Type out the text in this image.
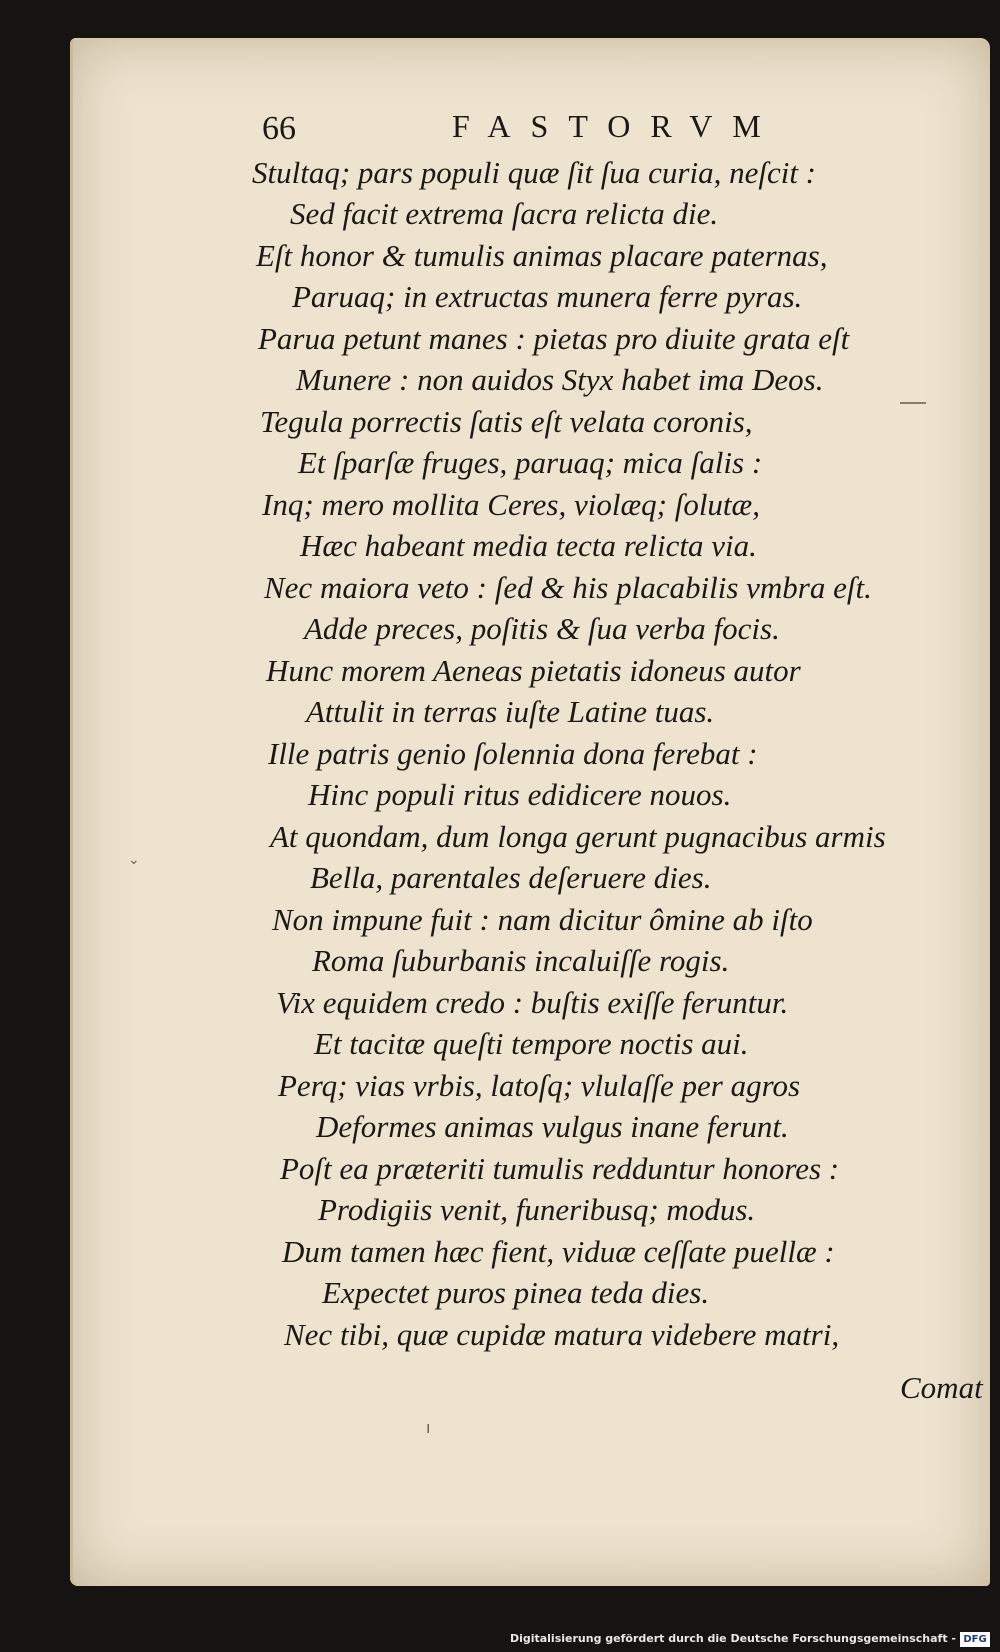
66	FASTORVM
Stultaq; pars populi quæ ſit ſua curia, neſcit :
Sed facit extrema ſacra relicta die.
Eſt honor & tumulis animas placare paternas,
Paruaq; in extructas munera ferre pyras.
Parua petunt manes : pietas pro diuite grata eſt
Munere : non auidos Styx habet ima Deos.
Tegula porrectis ſatis eſt velata coronis,
Et ſparſæ fruges, paruaq; mica ſalis :
Inq; mero mollita Ceres, violæq; ſolutæ,
Hæc habeant media tecta relicta via.
Nec maiora veto : ſed & his placabilis vmbra eſt.
Adde preces, poſitis & ſua verba focis.
Hunc morem Aeneas pietatis idoneus autor
Attulit in terras iuſte Latine tuas.
Ille patris genio ſolennia dona ferebat :
Hinc populi ritus edidicere nouos.
At quondam, dum longa gerunt pugnacibus armis
Bella, parentales deſeruere dies.
Non impune fuit : nam dicitur ômine ab iſto
Roma ſuburbanis incaluiſſe rogis.
Vix equidem credo : buſtis exiſſe feruntur.
Et tacitæ queſti tempore noctis aui.
Perq; vias vrbis, latoſq; vlulaſſe per agros
Deformes animas vulgus inane ferunt.
Poſt ea præteriti tumulis redduntur honores :
Prodigiis venit, funeribusq; modus.
Dum tamen hæc fient, viduæ ceſſate puellæ :
Expectet puros pinea teda dies.
Nec tibi, quæ cupidæ matura videbere matri,
Comat
⌄
ı
Digitalisierung gefördert durch die Deutsche Forschungsgemeinschaft - DFG
